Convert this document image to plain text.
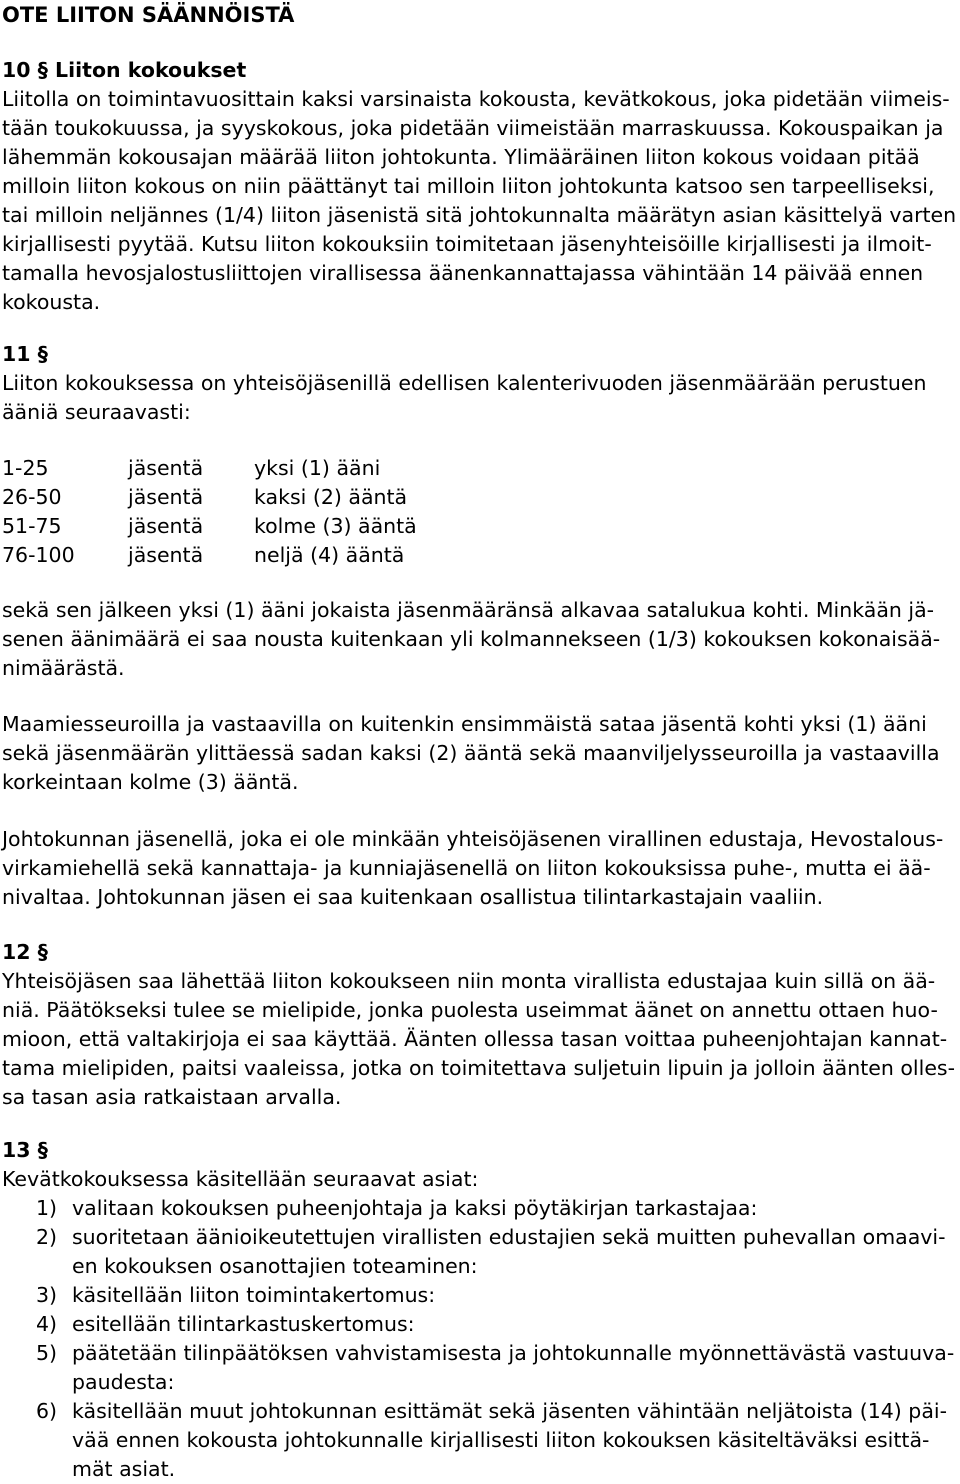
OTE LIITON SÄÄNNÖISTÄ
10 § Liiton kokoukset

Liitolla on toimintavuosittain kaksi varsinaista kokousta, kevätkokous, joka pidetään viimeis-
tään toukokuussa, ja syyskokous, joka pidetään viimeistään marraskuussa. Kokouspaikan ja
lähemmän kokousajan määrää liiton johtokunta. Ylimääräinen liiton kokous voidaan pitää
milloin liiton kokous on niin päättänyt tai milloin liiton johtokunta katsoo sen tarpeelliseksi,
tai milloin neljännes (1/4) liiton jäsenistä sitä johtokunnalta määrätyn asian käsittelyä varten
kirjallisesti pyytää. Kutsu liiton kokouksiin toimitetaan jäsenyhteisöille kirjallisesti ja ilmoit-
tamalla hevosjalostusliittojen virallisessa äänenkannattajassa vähintään 14 päivää ennen
kokousta.

11 §

Liiton kokouksessa on yhteisöjäsenillä edellisen kalenterivuoden jäsenmäärään perustuen
ääniä seuraavasti:

1-25	jäsentä	yksi (1) ääni
26-50	jäsentä	kaksi (2) ääntä
51-75	jäsentä	kolme (3) ääntä
76-100	jäsentä	neljä (4) ääntä

sekä sen jälkeen yksi (1) ääni jokaista jäsenmääränsä alkavaa satalukua kohti. Minkään jä-
senen äänimäärä ei saa nousta kuitenkaan yli kolmannekseen (1/3) kokouksen kokonaisää-
nimäärästä.

Maamiesseuroilla ja vastaavilla on kuitenkin ensimmäistä sataa jäsentä kohti yksi (1) ääni
sekä jäsenmäärän ylittäessä sadan kaksi (2) ääntä sekä maanviljelysseuroilla ja vastaavilla
korkeintaan kolme (3) ääntä.

Johtokunnan jäsenellä, joka ei ole minkään yhteisöjäsenen virallinen edustaja, Hevostalous-
virkamiehellä sekä kannattaja- ja kunniajäsenellä on liiton kokouksissa puhe-, mutta ei ää-
nivaltaa. Johtokunnan jäsen ei saa kuitenkaan osallistua tilintarkastajain vaaliin.

12 §

Yhteisöjäsen saa lähettää liiton kokoukseen niin monta virallista edustajaa kuin sillä on ää-
niä. Päätökseksi tulee se mielipide, jonka puolesta useimmat äänet on annettu ottaen huo-
mioon, että valtakirjoja ei saa käyttää. Äänten ollessa tasan voittaa puheenjohtajan kannat-
tama mielipiden, paitsi vaaleissa, jotka on toimitettava suljetuin lipuin ja jolloin äänten olles-
sa tasan asia ratkaistaan arvalla.

13 §
Kevätkokouksessa käsitellään seuraavat asiat:
1) valitaan kokouksen puheenjohtaja ja kaksi pöytäkirjan tarkastajaa:
2) suoritetaan äänioikeutettujen virallisten edustajien sekä muitten puhevallan omaavi-
en kokouksen osanottajien toteaminen:
3) käsitellään liiton toimintakertomus:
4) esitellään tilintarkastuskertomus:
5) päätetään tilinpäätöksen vahvistamisesta ja johtokunnalle myönnettävästä vastuuva-
paudesta:
6) käsitellään muut johtokunnan esittämät sekä jäsenten vähintään neljätoista (14) päi-
vää ennen kokousta johtokunnalle kirjallisesti liiton kokouksen käsiteltäväksi esittä-
mät asiat.
